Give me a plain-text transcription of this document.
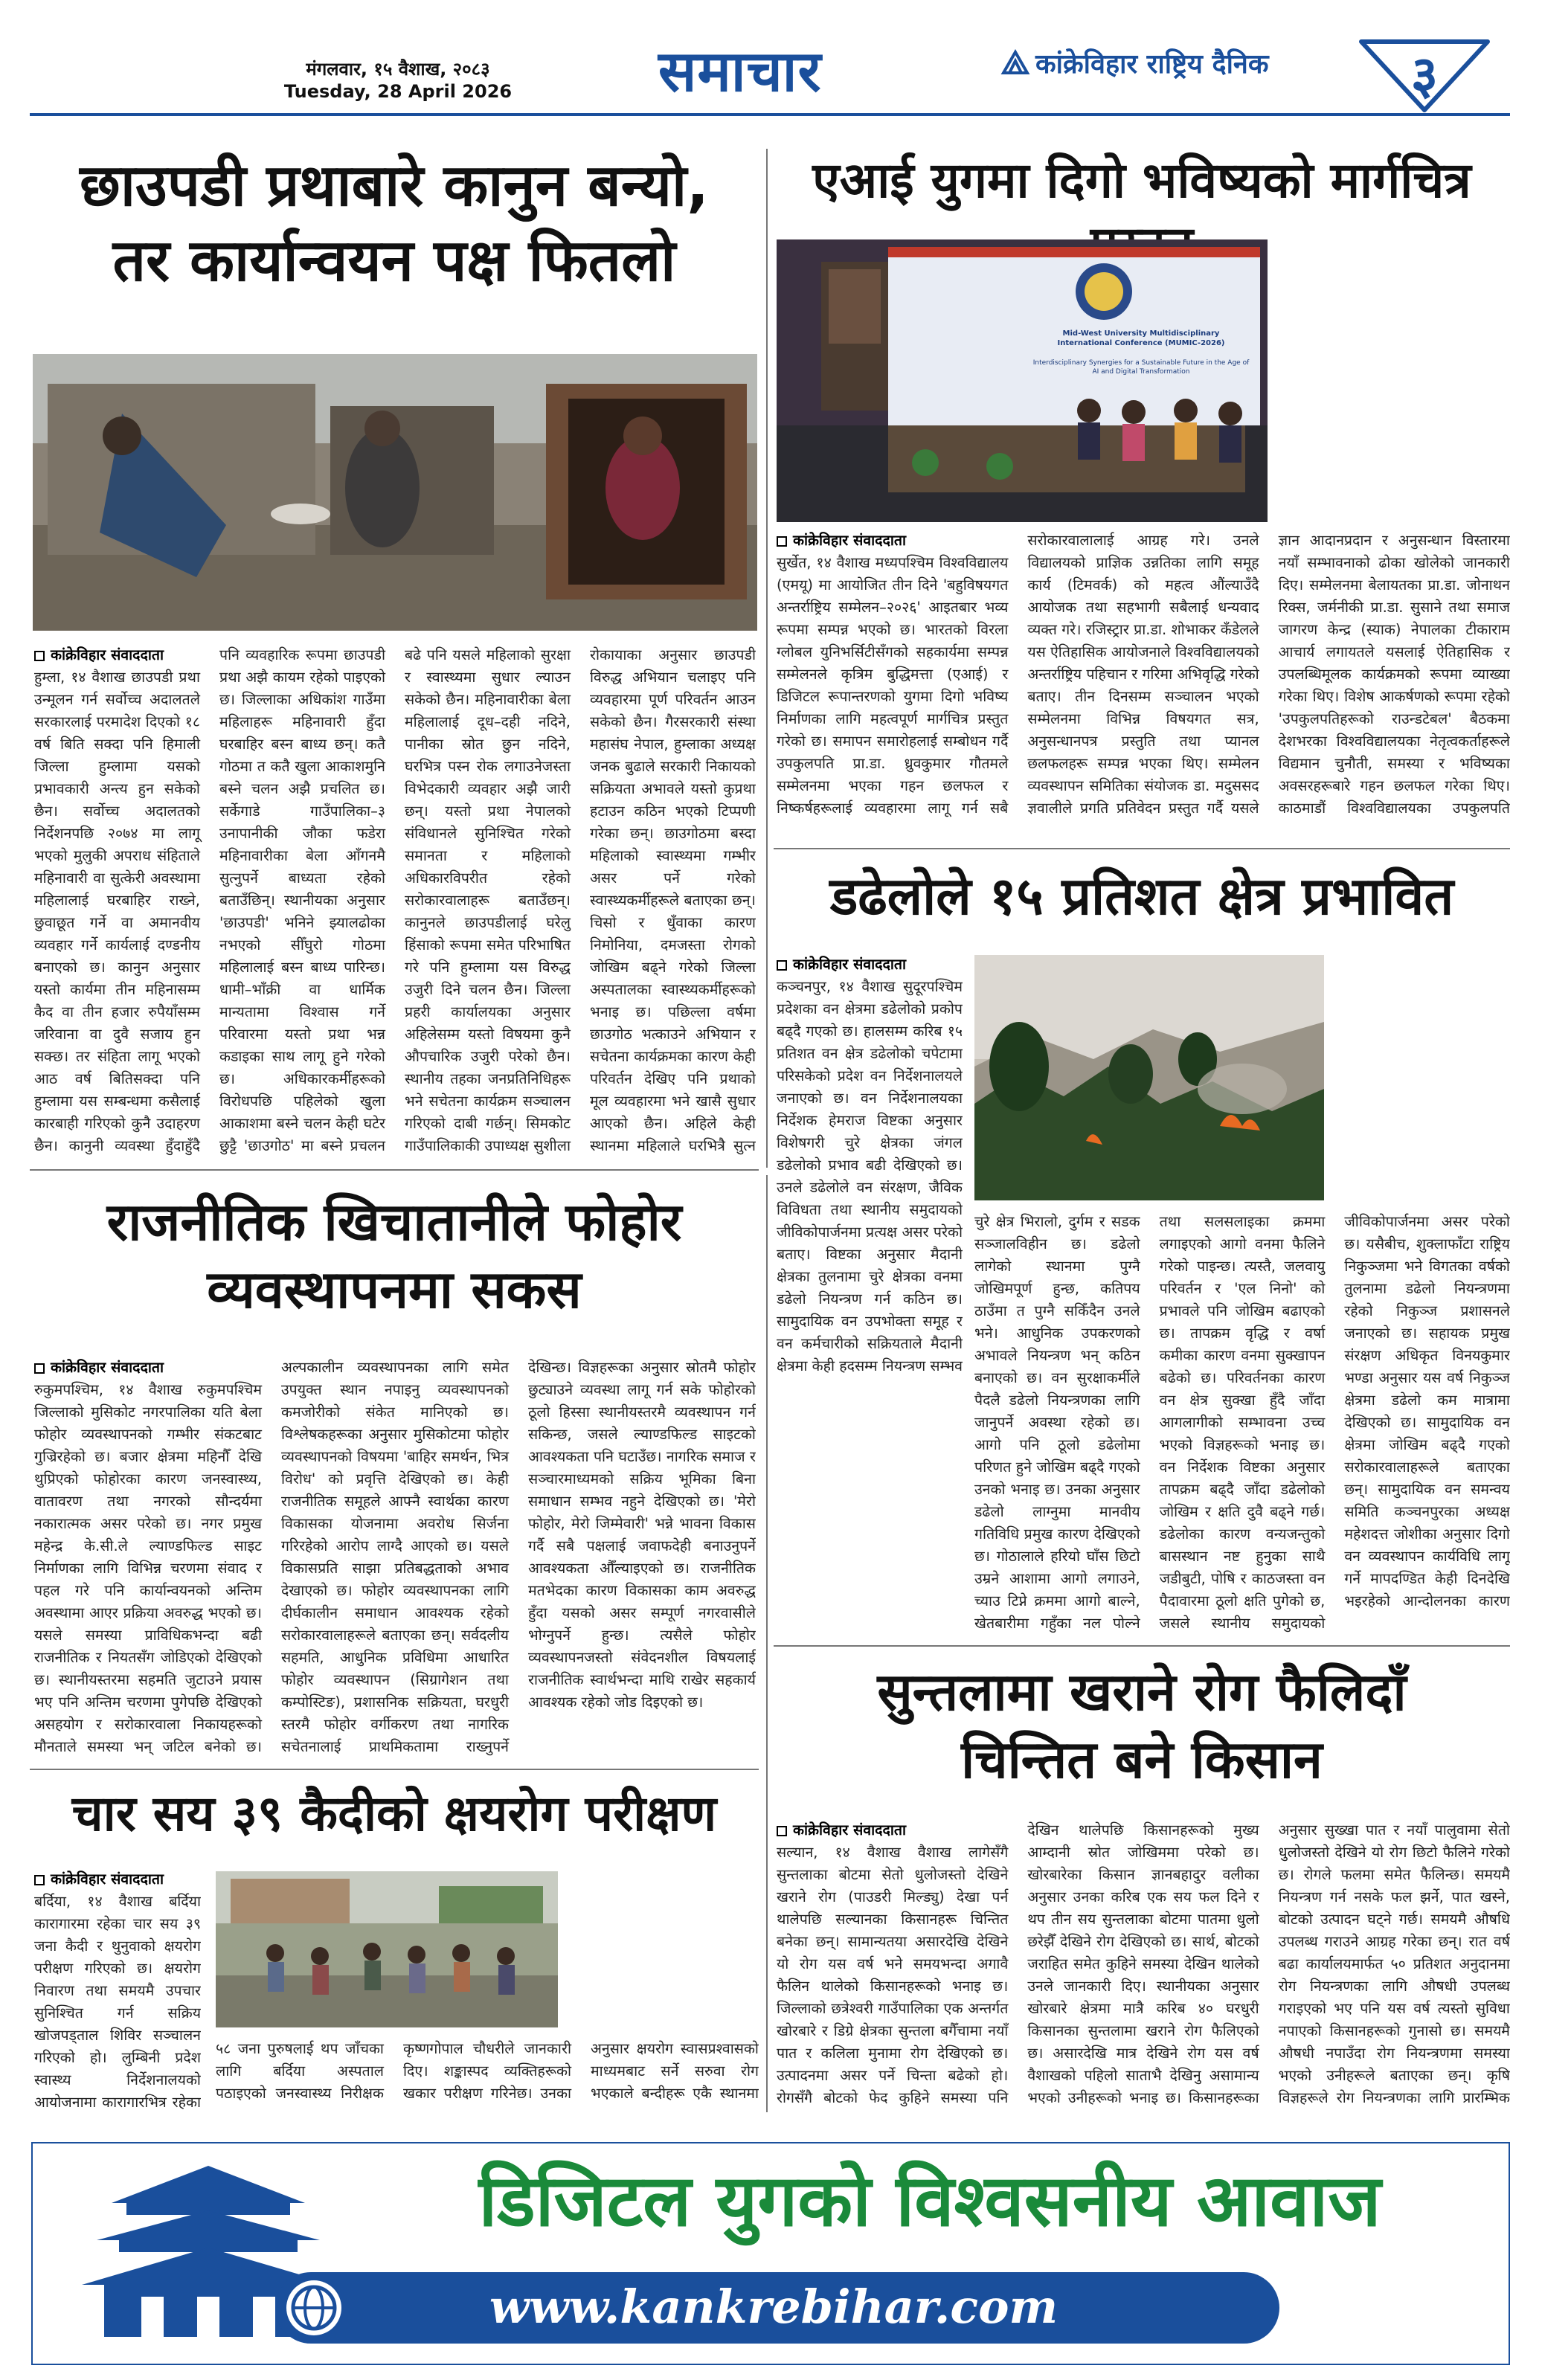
मंगलवार, १५ वैशाख, २०८३
Tuesday, 28 April 2026	समाचार	कांक्रेविहार राष्ट्रिय दैनिक	३
छाउपडी प्रथाबारे कानुन बन्यो,
तर कार्यान्वयन पक्ष फितलो
कांक्रेविहार संवाददाता
हुम्ला, १४ वैशाख छाउपडी प्रथा उन्मूलन गर्न सर्वोच्च अदालतले सरकारलाई परमादेश दिएको १८ वर्ष बिति सक्दा पनि हिमाली जिल्ला हुम्लामा यसको प्रभावकारी अन्त्य हुन सकेको छैन। सर्वोच्च अदालतको निर्देशनपछि २०७४ मा लागू भएको मुलुकी अपराध संहिताले महिनावारी वा सुत्केरी अवस्थामा महिलालाई घरबाहिर राख्ने, छुवाछूत गर्ने वा अमानवीय व्यवहार गर्ने कार्यलाई दण्डनीय बनाएको छ। कानुन अनुसार यस्तो कार्यमा तीन महिनासम्म कैद वा तीन हजार रुपैयाँसम्म जरिवाना वा दुवै सजाय हुन सक्छ। तर संहिता लागू भएको आठ वर्ष बितिसक्दा पनि हुम्लामा यस सम्बन्धमा कसैलाई कारबाही गरिएको कुनै उदाहरण छैन। कानुनी व्यवस्था हुँदाहुँदै पनि व्यवहारिक रूपमा छाउपडी प्रथा अझै कायम रहेको पाइएको छ। जिल्लाका अधिकांश गाउँमा महिलाहरू महिनावारी हुँदा घरबाहिर बस्न बाध्य छन्। कतै गोठमा त कतै खुला आकाशमुनि बस्ने चलन अझै प्रचलित छ। सर्केगाडे गाउँपालिका–३ उनापानीकी जौका फडेरा महिनावारीका बेला आँगनमै सुत्नुपर्ने बाध्यता रहेको बताउँछिन्। स्थानीयका अनुसार 'छाउपडी' भनिने झ्यालढोका नभएको सीँघुरो गोठमा महिलालाई बस्न बाध्य पारिन्छ। धामी–भाँक्री वा धार्मिक मान्यतामा विश्वास गर्ने परिवारमा यस्तो प्रथा भन्न कडाइका साथ लागू हुने गरेको छ। अधिकारकर्मीहरूको विरोधपछि पहिलेको खुला आकाशमा बस्ने चलन केही घटेर छुट्टै 'छाउगोठ' मा बस्ने प्रचलन बढे पनि यसले महिलाको सुरक्षा र स्वास्थ्यमा सुधार ल्याउन सकेको छैन। महिनावारीका बेला महिलालाई दूध–दही नदिने, पानीका स्रोत छुन नदिने, घरभित्र पस्न रोक लगाउनेजस्ता विभेदकारी व्यवहार अझै जारी छन्। यस्तो प्रथा नेपालको संविधानले सुनिश्चित गरेको समानता र महिलाको अधिकारविपरीत रहेको सरोकारवालाहरू बताउँछन्। कानुनले छाउपडीलाई घरेलु हिंसाको रूपमा समेत परिभाषित गरे पनि हुम्लामा यस विरुद्ध उजुरी दिने चलन छैन। जिल्ला प्रहरी कार्यालयका अनुसार अहिलेसम्म यस्तो विषयमा कुनै औपचारिक उजुरी परेको छैन। स्थानीय तहका जनप्रतिनिधिहरू भने सचेतना कार्यक्रम सञ्चालन गरिएको दाबी गर्छन्। सिमकोट गाउँपालिकाकी उपाध्यक्ष सुशीला रोकायाका अनुसार छाउपडी विरुद्ध अभियान चलाइए पनि व्यवहारमा पूर्ण परिवर्तन आउन सकेको छैन। गैरसरकारी संस्था महासंघ नेपाल, हुम्लाका अध्यक्ष जनक बुढाले सरकारी निकायको सक्रियता अभावले यस्तो कुप्रथा हटाउन कठिन भएको टिप्पणी गरेका छन्। छाउगोठमा बस्दा महिलाको स्वास्थ्यमा गम्भीर असर पर्ने गरेको स्वास्थ्यकर्मीहरूले बताएका छन्। चिसो र धुँवाका कारण निमोनिया, दमजस्ता रोगको जोखिम बढ्ने गरेको जिल्ला अस्पतालका स्वास्थ्यकर्मीहरूको भनाइ छ। पछिल्ला वर्षमा छाउगोठ भत्काउने अभियान र सचेतना कार्यक्रमका कारण केही परिवर्तन देखिए पनि प्रथाको मूल व्यवहारमा भने खासै सुधार आएको छैन। अहिले केही स्थानमा महिलाले घरभित्रै सुत्न
एआई युगमा दिगो भविष्यको मार्गचित्र
Mid-West University Multidisciplinary International Conference (MUMIC-2026)
Interdisciplinary Synergies for a Sustainable Future in the Age of AI and Digital Transformation
कांक्रेविहार संवाददाता
सुर्खेत, १४ वैशाख मध्यपश्चिम विश्वविद्यालय (एमयू) मा आयोजित तीन दिने 'बहुविषयगत अन्तर्राष्ट्रिय सम्मेलन–२०२६' आइतबार भव्य रूपमा सम्पन्न भएको छ। भारतको विरला ग्लोबल युनिभर्सिटीसँगको सहकार्यमा सम्पन्न सम्मेलनले कृत्रिम बुद्धिमत्ता (एआई) र डिजिटल रूपान्तरणको युगमा दिगो भविष्य निर्माणका लागि महत्वपूर्ण मार्गचित्र प्रस्तुत गरेको छ। समापन समारोहलाई सम्बोधन गर्दै उपकुलपति प्रा.डा. ध्रुवकुमार गौतमले सम्मेलनमा भएका गहन छलफल र निष्कर्षहरूलाई व्यवहारमा लागू गर्न सबै सरोकारवालालाई आग्रह गरे। उनले विद्यालयको प्राज्ञिक उन्नतिका लागि समूह कार्य (टिमवर्क) को महत्व औंल्याउँदै आयोजक तथा सहभागी सबैलाई धन्यवाद व्यक्त गरे। रजिस्ट्रार प्रा.डा. शोभाकर कँडेलले यस ऐतिहासिक आयोजनाले विश्वविद्यालयको अन्तर्राष्ट्रिय पहिचान र गरिमा अभिवृद्धि गरेको बताए। तीन दिनसम्म सञ्चालन भएको सम्मेलनमा विभिन्न विषयगत सत्र, अनुसन्धानपत्र प्रस्तुति तथा प्यानल छलफलहरू सम्पन्न भएका थिए। सम्मेलन व्यवस्थापन समितिका संयोजक डा. मदुससद ज्ञवालीले प्रगति प्रतिवेदन प्रस्तुत गर्दै यसले ज्ञान आदानप्रदान र अनुसन्धान विस्तारमा नयाँ सम्भावनाको ढोका खोलेको जानकारी दिए। सम्मेलनमा बेलायतका प्रा.डा. जोनाथन रिक्स, जर्मनीकी प्रा.डा. सुसाने तथा समाज जागरण केन्द्र (स्याक) नेपालका टीकाराम आचार्य लगायतले यसलाई ऐतिहासिक र उपलब्धिमूलक कार्यक्रमको रूपमा व्याख्या गरेका थिए। विशेष आकर्षणको रूपमा रहेको 'उपकुलपतिहरूको राउन्डटेबल' बैठकमा देशभरका विश्वविद्यालयका नेतृत्वकर्ताहरूले विद्यमान चुनौती, समस्या र भविष्यका अवसरहरूबारे गहन छलफल गरेका थिए। काठमाडौं विश्वविद्यालयका उपकुलपति
डढेलोले १५ प्रतिशत क्षेत्र प्रभावित
कांक्रेविहार संवाददाता
कञ्चनपुर, १४ वैशाख सुदूरपश्चिम प्रदेशका वन क्षेत्रमा डढेलोको प्रकोप बढ्दै गएको छ। हालसम्म करिब १५ प्रतिशत वन क्षेत्र डढेलोको चपेटामा परिसकेको प्रदेश वन निर्देशनालयले जनाएको छ। वन निर्देशनालयका निर्देशक हेमराज विष्टका अनुसार विशेषगरी चुरे क्षेत्रका जंगल डढेलोको प्रभाव बढी देखिएको छ। उनले डढेलोले वन संरक्षण, जैविक विविधता तथा स्थानीय समुदायको जीविकोपार्जनमा प्रत्यक्ष असर परेको बताए। विष्टका अनुसार मैदानी क्षेत्रका तुलनामा चुरे क्षेत्रका वनमा डढेलो नियन्त्रण गर्न कठिन छ। सामुदायिक वन उपभोक्ता समूह र वन कर्मचारीको सक्रियताले मैदानी क्षेत्रमा केही हदसम्म नियन्त्रण सम्भव
चुरे क्षेत्र भिरालो, दुर्गम र सडक सञ्जालविहीन छ। डढेलो लागेको स्थानमा पुग्नै जोखिमपूर्ण हुन्छ, कतिपय ठाउँमा त पुग्नै सकिँदैन उनले भने। आधुनिक उपकरणको अभावले नियन्त्रण भन् कठिन बनाएको छ। वन सुरक्षाकर्मीले पैदलै डढेलो नियन्त्रणका लागि जानुपर्ने अवस्था रहेको छ। आगो पनि ठूलो डढेलोमा परिणत हुने जोखिम बढ्दै गएको उनको भनाइ छ। उनका अनुसार डढेलो लाग्नुमा मानवीय गतिविधि प्रमुख कारण देखिएको छ। गोठालाले हरियो घाँस छिटो उम्रने आशामा आगो लगाउने, च्याउ टिप्ने क्रममा आगो बाल्ने, खेतबारीमा गहुँका नल पोल्ने तथा सलसलाइका क्रममा लगाइएको आगो वनमा फैलिने गरेको पाइन्छ। त्यस्तै, जलवायु परिवर्तन र 'एल निनो' को प्रभावले पनि जोखिम बढाएको छ। तापक्रम वृद्धि र वर्षा कमीका कारण वनमा सुक्खापन बढेको छ। परिवर्तनका कारण वन क्षेत्र सुक्खा हुँदै जाँदा आगलागीको सम्भावना उच्च भएको विज्ञहरूको भनाइ छ। वन निर्देशक विष्टका अनुसार तापक्रम बढ्दै जाँदा डढेलोको जोखिम र क्षति दुवै बढ्ने गर्छ। डढेलोका कारण वन्यजन्तुको बासस्थान नष्ट हुनुका साथै जडीबुटी, पोषि र काठजस्ता वन पैदावारमा ठूलो क्षति पुगेको छ, जसले स्थानीय समुदायको जीविकोपार्जनमा असर परेको छ। यसैबीच, शुक्लाफाँटा राष्ट्रिय निकुञ्जमा भने विगतका वर्षको तुलनामा डढेलो नियन्त्रणमा रहेको निकुञ्ज प्रशासनले जनाएको छ। सहायक प्रमुख संरक्षण अधिकृत विनयकुमार भण्डा अनुसार यस वर्ष निकुञ्ज क्षेत्रमा डढेलो कम मात्रामा देखिएको छ। सामुदायिक वन क्षेत्रमा जोखिम बढ्दै गएको सरोकारवालाहरूले बताएका छन्। सामुदायिक वन समन्वय समिति कञ्चनपुरका अध्यक्ष महेशदत्त जोशीका अनुसार दिगो वन व्यवस्थापन कार्यविधि लागू गर्ने मापदण्डित केही दिनदेखि भइरहेको आन्दोलनका कारण
राजनीतिक खिचातानीले फोहोर
व्यवस्थापनमा सकस
कांक्रेविहार संवाददाता
रुकुमपश्चिम, १४ वैशाख रुकुमपश्चिम जिल्लाको मुसिकोट नगरपालिका यति बेला फोहोर व्यवस्थापनको गम्भीर संकटबाट गुज्रिरहेको छ। बजार क्षेत्रमा महिनौँ देखि थुप्रिएको फोहोरका कारण जनस्वास्थ्य, वातावरण तथा नगरको सौन्दर्यमा नकारात्मक असर परेको छ। नगर प्रमुख महेन्द्र के.सी.ले ल्याण्डफिल्ड साइट निर्माणका लागि विभिन्न चरणमा संवाद र पहल गरे पनि कार्यान्वयनको अन्तिम अवस्थामा आएर प्रक्रिया अवरुद्ध भएको छ। यसले समस्या प्राविधिकभन्दा बढी राजनीतिक र नियतसँग जोडिएको देखिएको छ। स्थानीयस्तरमा सहमति जुटाउने प्रयास भए पनि अन्तिम चरणमा पुगेपछि देखिएको असहयोग र सरोकारवाला निकायहरूको मौनताले समस्या भन् जटिल बनेको छ। अल्पकालीन व्यवस्थापनका लागि समेत उपयुक्त स्थान नपाइनु व्यवस्थापनको कमजोरीको संकेत मानिएको छ। विश्लेषकहरूका अनुसार मुसिकोटमा फोहोर व्यवस्थापनको विषयमा 'बाहिर समर्थन, भित्र विरोध' को प्रवृत्ति देखिएको छ। केही राजनीतिक समूहले आफ्नै स्वार्थका कारण विकासका योजनामा अवरोध सिर्जना गरिरहेको आरोप लाग्दै आएको छ। यसले विकासप्रति साझा प्रतिबद्धताको अभाव देखाएको छ। फोहोर व्यवस्थापनका लागि दीर्घकालीन समाधान आवश्यक रहेको सरोकारवालाहरूले बताएका छन्। सर्वदलीय सहमति, आधुनिक प्रविधिमा आधारित फोहोर व्यवस्थापन (सिग्रागेशन तथा कम्पोस्टिङ), प्रशासनिक सक्रियता, घरधुरी स्तरमै फोहोर वर्गीकरण तथा नागरिक सचेतनालाई प्राथमिकतामा राख्नुपर्ने देखिन्छ। विज्ञहरूका अनुसार स्रोतमै फोहोर छुट्याउने व्यवस्था लागू गर्न सके फोहोरको ठूलो हिस्सा स्थानीयस्तरमै व्यवस्थापन गर्न सकिन्छ, जसले ल्याण्डफिल्ड साइटको आवश्यकता पनि घटाउँछ। नागरिक समाज र सञ्चारमाध्यमको सक्रिय भूमिका बिना समाधान सम्भव नहुने देखिएको छ। 'मेरो फोहोर, मेरो जिम्मेवारी' भन्ने भावना विकास गर्दै सबै पक्षलाई जवाफदेही बनाउनुपर्ने आवश्यकता औँल्याइएको छ। राजनीतिक मतभेदका कारण विकासका काम अवरुद्ध हुँदा यसको असर सम्पूर्ण नगरवासीले भोग्नुपर्ने हुन्छ। त्यसैले फोहोर व्यवस्थापनजस्तो संवेदनशील विषयलाई राजनीतिक स्वार्थभन्दा माथि राखेर सहकार्य आवश्यक रहेको जोड दिइएको छ।
चार सय ३९ कैदीको क्षयरोग परीक्षण
कांक्रेविहार संवाददाता
बर्दिया, १४ वैशाख बर्दिया कारागारमा रहेका चार सय ३९ जना कैदी र थुनुवाको क्षयरोग परीक्षण गरिएको छ। क्षयरोग निवारण तथा समयमै उपचार सुनिश्चित गर्न सक्रिय खोजपड्ताल शिविर सञ्चालन गरिएको हो। लुम्बिनी प्रदेश स्वास्थ्य निर्देशनालयको आयोजनामा कारागारभित्र रहेका
५८ जना पुरुषलाई थप जाँचका लागि बर्दिया अस्पताल पठाइएको जनस्वास्थ्य निरीक्षक कृष्णगोपाल चौधरीले जानकारी दिए। शङ्कास्पद व्यक्तिहरूको खकार परीक्षण गरिनेछ। उनका अनुसार क्षयरोग स्वासप्रश्वासको माध्यमबाट सर्ने सरुवा रोग भएकाले बन्दीहरू एकै स्थानमा
सुन्तलामा खराने रोग फैलिदाँ
चिन्तित बने किसान
कांक्रेविहार संवाददाता
सल्यान, १४ वैशाख वैशाख लागेसँगै सुन्तलाका बोटमा सेतो धुलोजस्तो देखिने खराने रोग (पाउडरी मिल्ड्यु) देखा पर्न थालेपछि सल्यानका किसानहरू चिन्तित बनेका छन्। सामान्यतया असारदेखि देखिने यो रोग यस वर्ष भने समयभन्दा अगावै फैलिन थालेको किसानहरूको भनाइ छ। जिल्लाको छत्रेश्वरी गाउँपालिका एक अन्तर्गत खोरबारे र डिग्रे क्षेत्रका सुन्तला बगैँचामा नयाँ पात र कलिला मुनामा रोग देखिएको छ। उत्पादनमा असर पर्ने चिन्ता बढेको हो। रोगसँगै बोटको फेद कुहिने समस्या पनि देखिन थालेपछि किसानहरूको मुख्य आम्दानी स्रोत जोखिममा परेको छ। खोरबारेका किसान ज्ञानबहादुर वलीका अनुसार उनका करिब एक सय फल दिने र थप तीन सय सुन्तलाका बोटमा पातमा धुलो छरेझैँ देखिने रोग देखिएको छ। सार्थ, बोटको जराहित समेत कुहिने समस्या देखिन थालेको उनले जानकारी दिए। स्थानीयका अनुसार खोरबारे क्षेत्रमा मात्रै करिब ४० घरधुरी किसानका सुन्तलामा खराने रोग फैलिएको छ। असारदेखि मात्र देखिने रोग यस वर्ष वैशाखको पहिलो साताभै देखिनु असामान्य भएको उनीहरूको भनाइ छ। किसानहरूका अनुसार सुख्खा पात र नयाँ पालुवामा सेतो धुलोजस्तो देखिने यो रोग छिटो फैलिने गरेको छ। रोगले फलमा समेत फैलिन्छ। समयमै नियन्त्रण गर्न नसके फल झर्ने, पात खस्ने, बोटको उत्पादन घट्ने गर्छ। समयमै औषधि उपलब्ध गराउने आग्रह गरेका छन्। रात वर्ष बढा कार्यालयमार्फत ५० प्रतिशत अनुदानमा रोग नियन्त्रणका लागि औषधी उपलब्ध गराइएको भए पनि यस वर्ष त्यस्तो सुविधा नपाएको किसानहरूको गुनासो छ। समयमै औषधी नपाउँदा रोग नियन्त्रणमा समस्या भएको उनीहरूले बताएका छन्। कृषि विज्ञहरूले रोग नियन्त्रणका लागि प्रारम्भिक
डिजिटल युगको विश्वसनीय आवाज
www.kankrebihar.com
